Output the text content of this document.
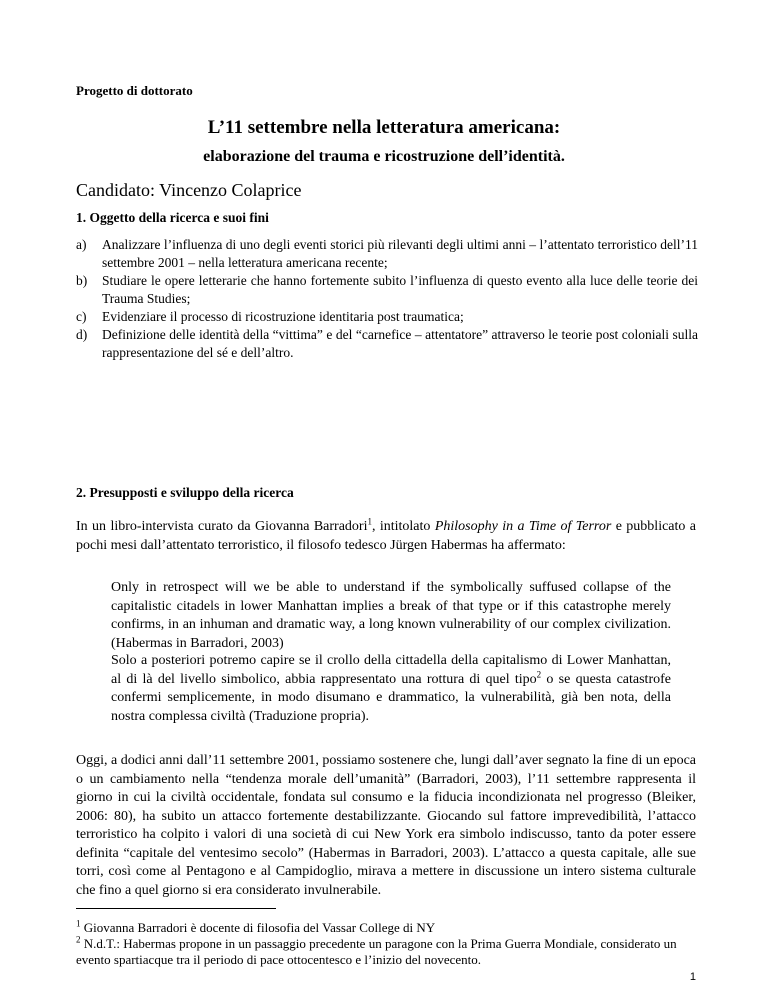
Progetto di dottorato
L’11 settembre nella letteratura americana:
elaborazione del trauma e ricostruzione dell’identità.
Candidato: Vincenzo Colaprice
1. Oggetto della ricerca e suoi fini
a) Analizzare l’influenza di uno degli eventi storici più rilevanti degli ultimi anni – l’attentato terroristico dell’11 settembre 2001 – nella letteratura americana recente;
b) Studiare le opere letterarie che hanno fortemente subito l’influenza di questo evento alla luce delle teorie dei Trauma Studies;
c) Evidenziare il processo di ricostruzione identitaria post traumatica;
d) Definizione delle identità della “vittima” e del “carnefice – attentatore” attraverso le teorie post coloniali sulla rappresentazione del sé e dell’altro.
2. Presupposti e sviluppo della ricerca
In un libro-intervista curato da Giovanna Barradori$^1$, intitolato Philosophy in a Time of Terror e pubblicato a pochi mesi dall’attentato terroristico, il filosofo tedesco Jürgen Habermas ha affermato:
Only in retrospect will we be able to understand if the symbolically suffused collapse of the capitalistic citadels in lower Manhattan implies a break of that type or if this catastrophe merely confirms, in an inhuman and dramatic way, a long known vulnerability of our complex civilization. (Habermas in Barradori, 2003)
Solo a posteriori potremo capire se il crollo della cittadella della capitalismo di Lower Manhattan, al di là del livello simbolico, abbia rappresentato una rottura di quel tipo$^2$ o se questa catastrofe confermi semplicemente, in modo disumano e drammatico, la vulnerabilità, già ben nota, della nostra complessa civiltà (Traduzione propria).
Oggi, a dodici anni dall’11 settembre 2001, possiamo sostenere che, lungi dall’aver segnato la fine di un epoca o un cambiamento nella “tendenza morale dell’umanità” (Barradori, 2003), l’11 settembre rappresenta il giorno in cui la civiltà occidentale, fondata sul consumo e la fiducia incondizionata nel progresso (Bleiker, 2006: 80), ha subito un attacco fortemente destabilizzante. Giocando sul fattore imprevedibilità, l’attacco terroristico ha colpito i valori di una società di cui New York era simbolo indiscusso, tanto da poter essere definita “capitale del ventesimo secolo” (Habermas in Barradori, 2003). L’attacco a questa capitale, alle sue torri, così come al Pentagono e al Campidoglio, mirava a mettere in discussione un intero sistema culturale che fino a quel giorno si era considerato invulnerabile.
$^1$ Giovanna Barradori è docente di filosofia del Vassar College di NY
$^2$ N.d.T.: Habermas propone in un passaggio precedente un paragone con la Prima Guerra Mondiale, considerato un evento spartiacque tra il periodo di pace ottocentesco e l’inizio del novecento.
1
